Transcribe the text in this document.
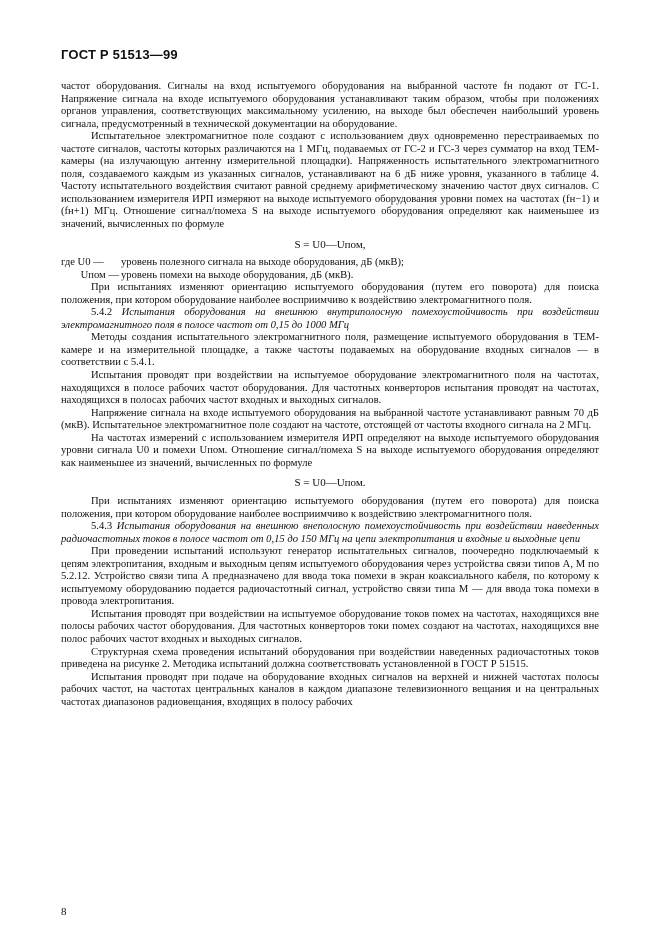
ГОСТ Р 51513—99

частот оборудования. Сигналы на вход испытуемого оборудования на выбранной частоте fн подают от ГС-1. Напряжение сигнала на входе испытуемого оборудования устанавливают таким образом, чтобы при положениях органов управления, соответствующих максимальному усилению, на выходе был обеспечен наибольший уровень сигнала, предусмотренный в технической документации на оборудование.

Испытательное электромагнитное поле создают с использованием двух одновременно перестраиваемых по частоте сигналов, частоты которых различаются на 1 МГц, подаваемых от ГС-2 и ГС-3 через сумматор на вход ТЕМ-камеры (на излучающую антенну измерительной площадки). Напряженность испытательного электромагнитного поля, создаваемого каждым из указанных сигналов, устанавливают на 6 дБ ниже уровня, указанного в таблице 4. Частоту испытательного воздействия считают равной среднему арифметическому значению частот двух сигналов. С использованием измерителя ИРП измеряют на выходе испытуемого оборудования уровни помех на частотах (fн−1) и (fн+1) МГц. Отношение сигнал/помеха S на выходе испытуемого оборудования определяют как наименьшее из значений, вычисленных по формуле

S = U0—Uпом,
где U0 —	уровень полезного сигнала на выходе оборудования, дБ (мкВ);
Uпом — уровень помехи на выходе оборудования, дБ (мкВ).

При испытаниях изменяют ориентацию испытуемого оборудования (путем его поворота) для поиска положения, при котором оборудование наиболее восприимчиво к воздействию электромагнитного поля.

5.4.2 Испытания оборудования на внешнюю внутриполосную помехоустойчивость при воздействии электромагнитного поля в полосе частот от 0,15 до 1000 МГц

Методы создания испытательного электромагнитного поля, размещение испытуемого оборудования в ТЕМ-камере и на измерительной площадке, а также частоты подаваемых на оборудование входных сигналов — в соответствии с 5.4.1.

Испытания проводят при воздействии на испытуемое оборудование электромагнитного поля на частотах, находящихся в полосе рабочих частот оборудования. Для частотных конверторов испытания проводят на частотах, находящихся в полосах рабочих частот входных и выходных сигналов.

Напряжение сигнала на входе испытуемого оборудования на выбранной частоте устанавливают равным 70 дБ (мкВ). Испытательное электромагнитное поле создают на частоте, отстоящей от частоты входного сигнала на 2 МГц.

На частотах измерений с использованием измерителя ИРП определяют на выходе испытуемого оборудования уровни сигнала U0 и помехи Uпом. Отношение сигнал/помеха S на выходе испытуемого оборудования определяют как наименьшее из значений, вычисленных по формуле

S = U0—Uпом.

При испытаниях изменяют ориентацию испытуемого оборудования (путем его поворота) для поиска положения, при котором оборудование наиболее восприимчиво к воздействию электромагнитного поля.

5.4.3 Испытания оборудования на внешнюю внеполосную помехоустойчивость при воздействии наведенных радиочастотных токов в полосе частот от 0,15 до 150 МГц на цепи электропитания и входные и выходные цепи

При проведении испытаний используют генератор испытательных сигналов, поочередно подключаемый к цепям электропитания, входным и выходным цепям испытуемого оборудования через устройства связи типов А, М по 5.2.12. Устройство связи типа А предназначено для ввода тока помехи в экран коаксиального кабеля, по которому к испытуемому оборудованию подается радиочастотный сигнал, устройство связи типа М — для ввода тока помехи в провода электропитания.

Испытания проводят при воздействии на испытуемое оборудование токов помех на частотах, находящихся вне полосы рабочих частот оборудования. Для частотных конверторов токи помех создают на частотах, находящихся вне полос рабочих частот входных и выходных сигналов.

Структурная схема проведения испытаний оборудования при воздействии наведенных радиочастотных токов приведена на рисунке 2. Методика испытаний должна соответствовать установленной в ГОСТ Р 51515.

Испытания проводят при подаче на оборудование входных сигналов на верхней и нижней частотах полосы рабочих частот, на частотах центральных каналов в каждом диапазоне телевизионного вещания и на центральных частотах диапазонов радиовещания, входящих в полосу рабочих

8
